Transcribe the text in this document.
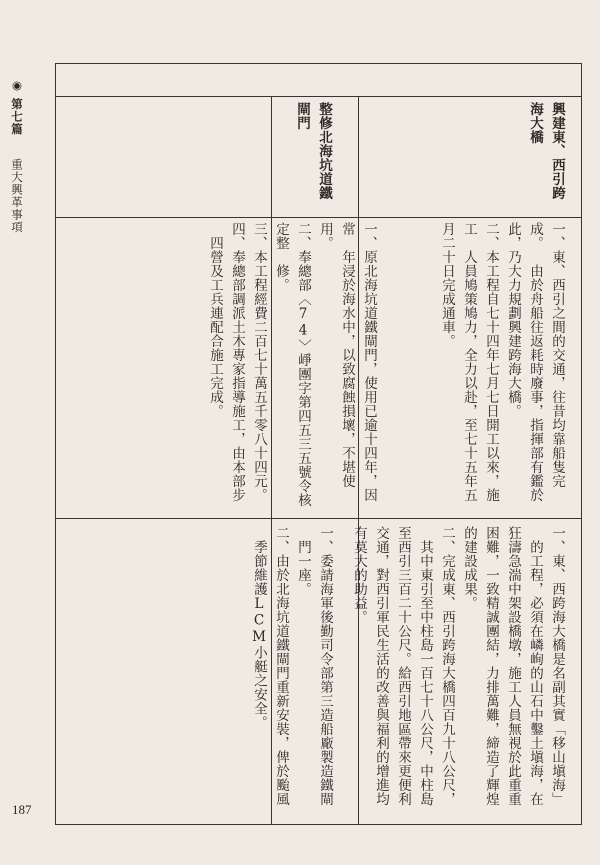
◉ 第七篇  重大興革事項
187

興建東、西引跨海大橋

一、東、西引之間的交通，往昔均靠船隻完成。由於舟船往返耗時廢事，指揮部有鑑於此，乃大力規劃興建跨海大橋。

二、本工程自七十四年七月七日開工以來，施工人員鳩策鳩力，全力以赴，至七十五年五月二十日完成通車。

一、東、西跨海大橋是名副其實「移山塡海」的工程，必須在嶙峋的山石中鑿土塡海，在狂濤急湍中架設橋墩，施工人員無視於此重重困難，一致精誠團結，力排萬難，締造了輝煌的建設成果。

二、完成東、西引跨海大橋四百九十八公尺，其中東引至中柱島一百七十八公尺，中柱島至西引三百二十公尺。給西引地區帶來更便利交通，對西引軍民生活的改善與福利的增進均有莫大的助益。

整修北海坑道鐵閘門

一、原北海坑道鐵閘門，使用已逾十四年，因常年浸於海水中，以致腐蝕損壞，不堪使用。

二、奉總部〈74〉崢團字第四五三五號令核定整修。

三、本工程經費二百七十萬五千零八十四元。

四、奉總部調派土木專家指導施工，由本部步四營及工兵連配合施工完成。

一、委請海軍後勤司令部第三造船廠製造鐵閘門一座。

二、由於北海坑道鐵閘門重新安裝，俾於颱風季節維護LCM小艇之安全。
